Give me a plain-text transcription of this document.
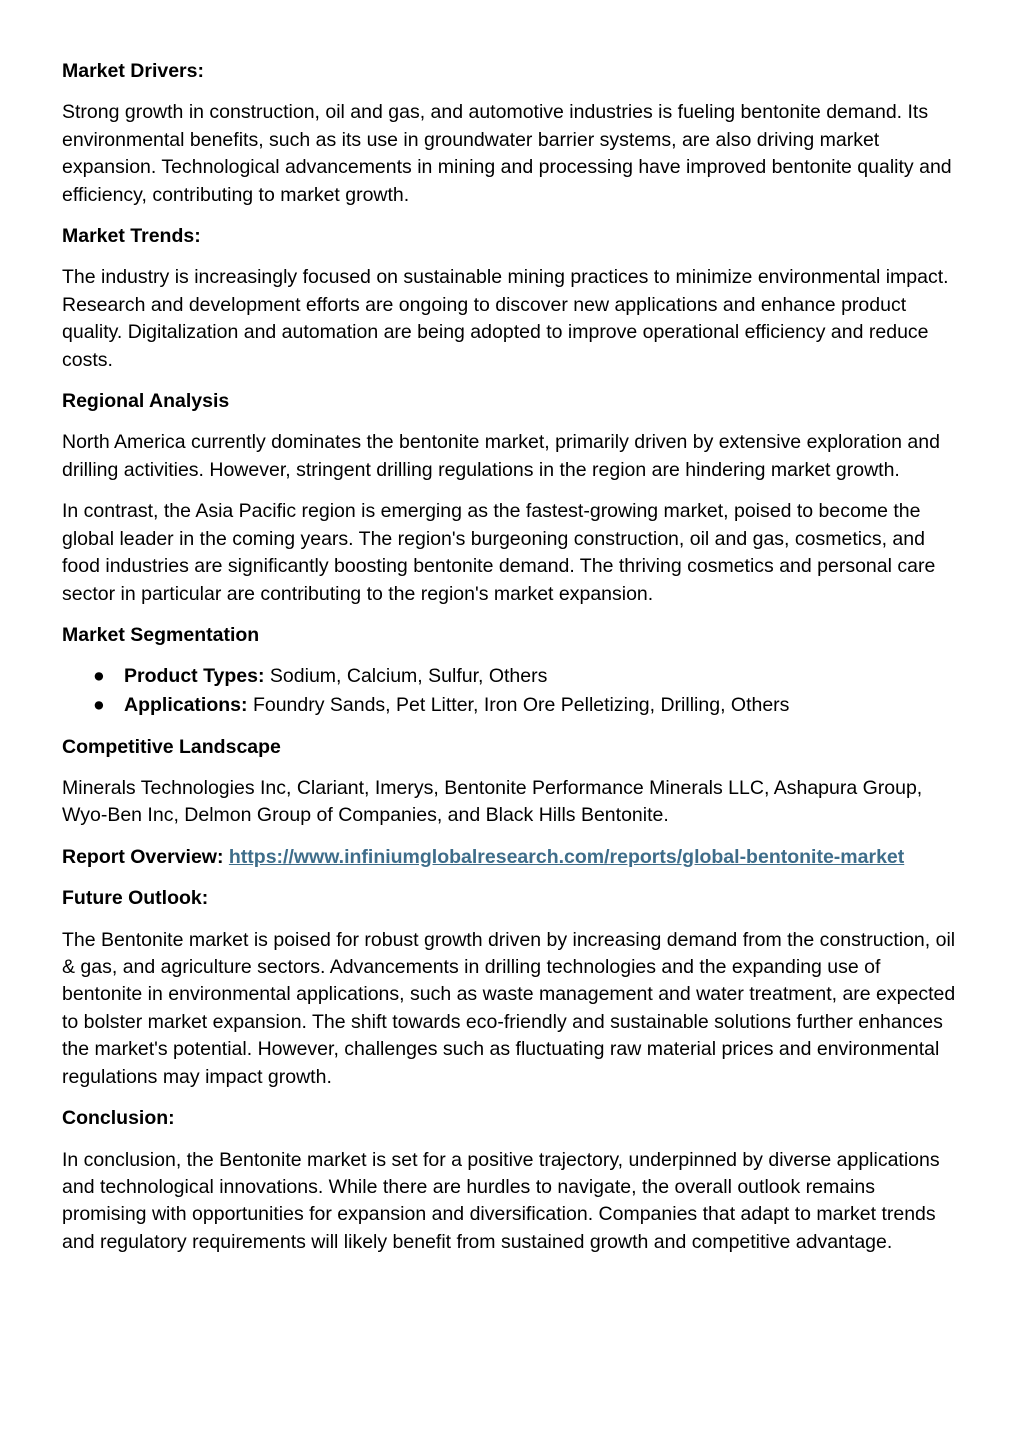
Market Drivers:

Strong growth in construction, oil and gas, and automotive industries is fueling bentonite demand. Its environmental benefits, such as its use in groundwater barrier systems, are also driving market expansion. Technological advancements in mining and processing have improved bentonite quality and efficiency, contributing to market growth.

Market Trends:

The industry is increasingly focused on sustainable mining practices to minimize environmental impact. Research and development efforts are ongoing to discover new applications and enhance product quality. Digitalization and automation are being adopted to improve operational efficiency and reduce costs.

Regional Analysis

North America currently dominates the bentonite market, primarily driven by extensive exploration and drilling activities. However, stringent drilling regulations in the region are hindering market growth.

In contrast, the Asia Pacific region is emerging as the fastest-growing market, poised to become the global leader in the coming years. The region's burgeoning construction, oil and gas, cosmetics, and food industries are significantly boosting bentonite demand. The thriving cosmetics and personal care sector in particular are contributing to the region's market expansion.

Market Segmentation
● Product Types: Sodium, Calcium, Sulfur, Others
● Applications: Foundry Sands, Pet Litter, Iron Ore Pelletizing, Drilling, Others
Competitive Landscape

Minerals Technologies Inc, Clariant, Imerys, Bentonite Performance Minerals LLC, Ashapura Group, Wyo-Ben Inc, Delmon Group of Companies, and Black Hills Bentonite.

Report Overview: https://www.infiniumglobalresearch.com/reports/global-bentonite-market

Future Outlook:

The Bentonite market is poised for robust growth driven by increasing demand from the construction, oil & gas, and agriculture sectors. Advancements in drilling technologies and the expanding use of bentonite in environmental applications, such as waste management and water treatment, are expected to bolster market expansion. The shift towards eco-friendly and sustainable solutions further enhances the market's potential. However, challenges such as fluctuating raw material prices and environmental regulations may impact growth.

Conclusion:

In conclusion, the Bentonite market is set for a positive trajectory, underpinned by diverse applications and technological innovations. While there are hurdles to navigate, the overall outlook remains promising with opportunities for expansion and diversification. Companies that adapt to market trends and regulatory requirements will likely benefit from sustained growth and competitive advantage.
